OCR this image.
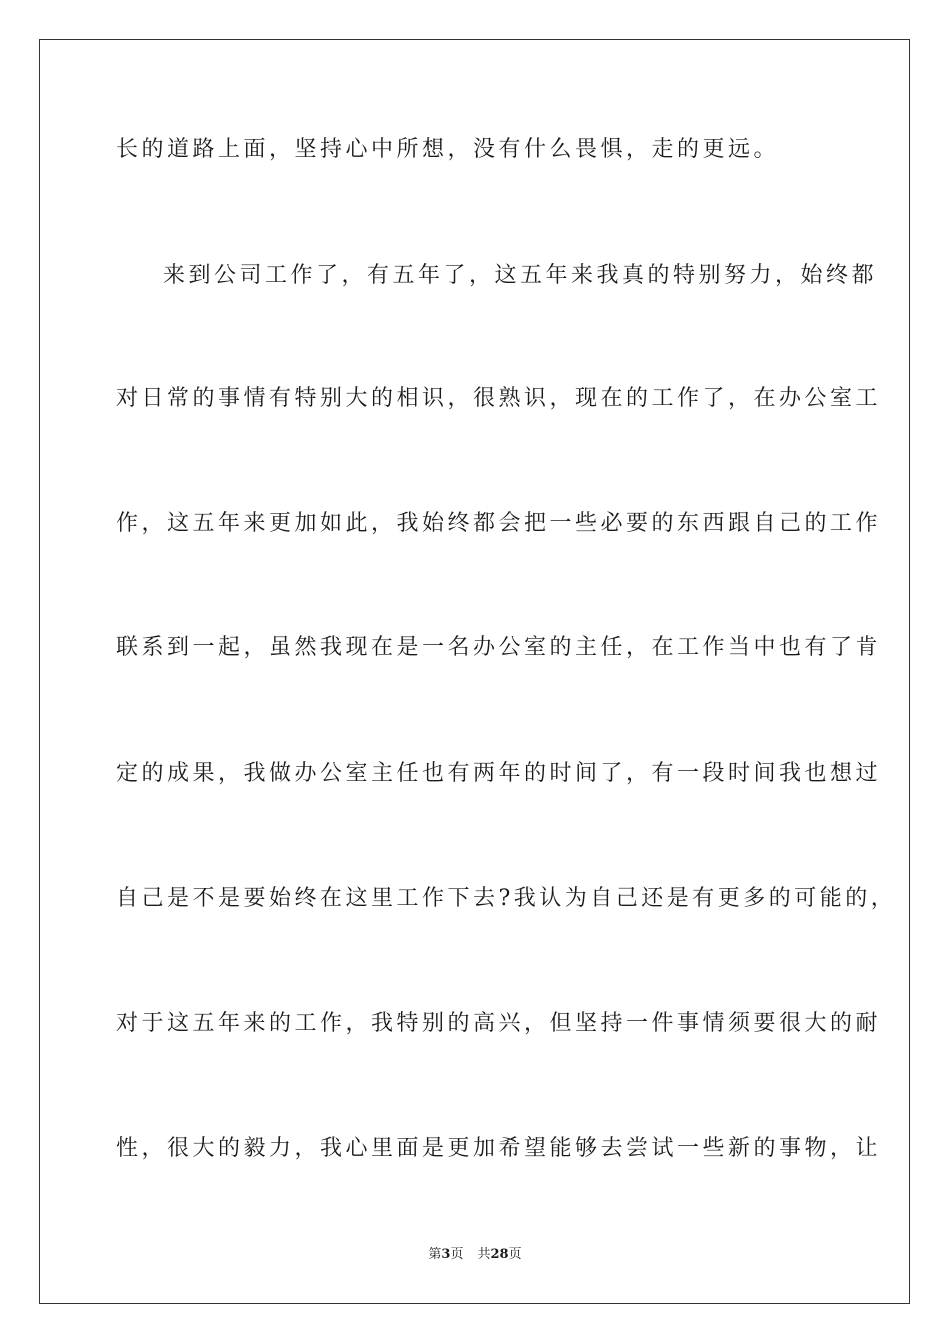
长的道路上面，坚持心中所想，没有什么畏惧，走的更远。
来到公司工作了，有五年了，这五年来我真的特别努力，始终都
对日常的事情有特别大的相识，很熟识，现在的工作了，在办公室工
作，这五年来更加如此，我始终都会把一些必要的东西跟自己的工作
联系到一起，虽然我现在是一名办公室的主任，在工作当中也有了肯
定的成果，我做办公室主任也有两年的时间了，有一段时间我也想过
自己是不是要始终在这里工作下去?我认为自己还是有更多的可能的，
对于这五年来的工作，我特别的高兴，但坚持一件事情须要很大的耐
性，很大的毅力，我心里面是更加希望能够去尝试一些新的事物，让
第3页 共28页
